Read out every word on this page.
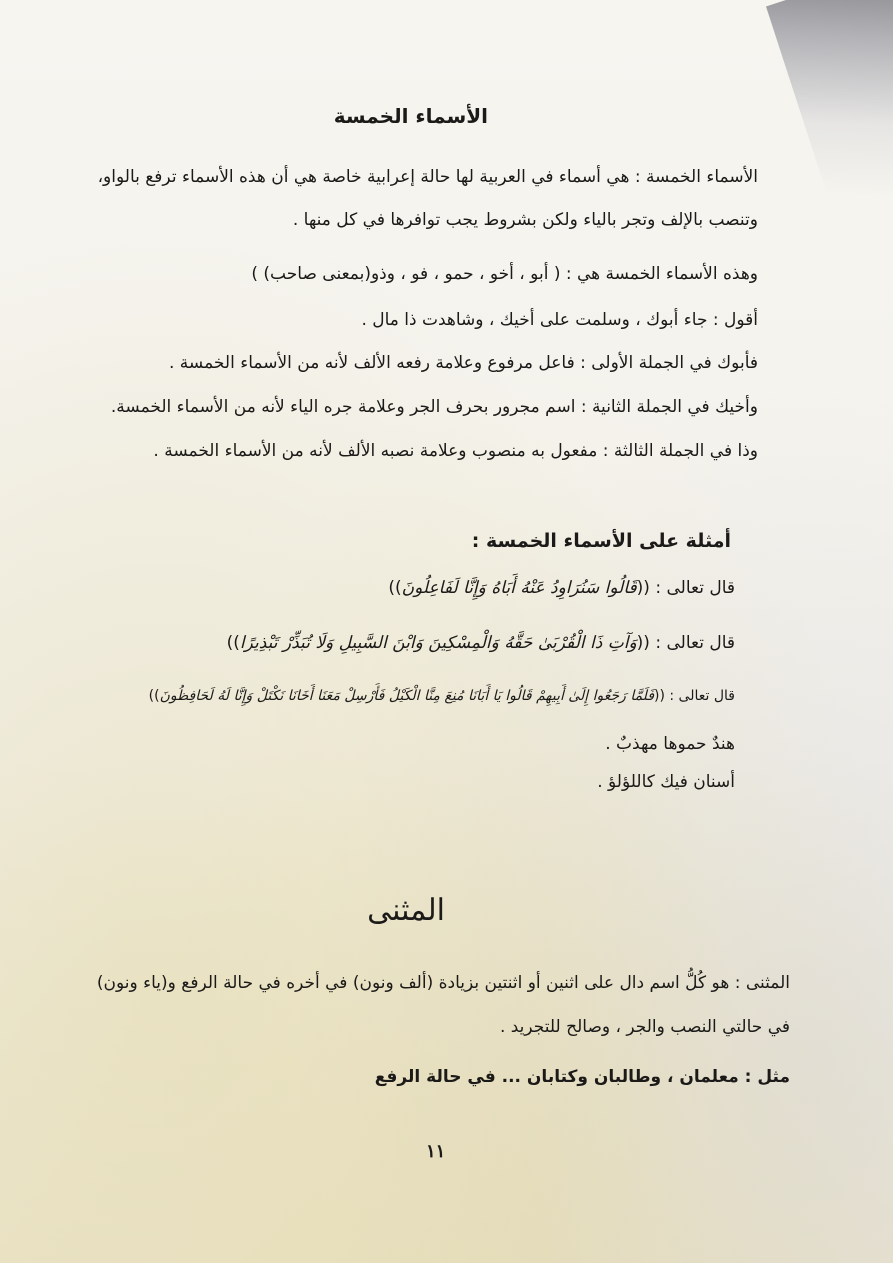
الأسماء الخمسة
الأسماء الخمسة : هي أسماء في العربية لها حالة إعرابية خاصة هي أن هذه الأسماء ترفع بالواو،
وتنصب بالإلف وتجر بالياء ولكن بشروط يجب توافرها في كل منها .
وهذه الأسماء الخمسة هي : ( أبو ، أخو ، حمو ، فو ، وذو(بمعنى صاحب) )
أقول : جاء أبوك ، وسلمت على أخيك ، وشاهدت ذا مال .
فأبوك في الجملة الأولى : فاعل مرفوع وعلامة رفعه الألف لأنه من الأسماء الخمسة .
وأخيك في الجملة الثانية : اسم مجرور بحرف الجر وعلامة جره الياء لأنه من الأسماء الخمسة.
وذا في الجملة الثالثة : مفعول به منصوب وعلامة نصبه الألف لأنه من الأسماء الخمسة .
أمثلة على الأسماء الخمسة :
قال تعالى : ((قَالُوا سَنُرَاوِدُ عَنْهُ أَبَاهُ وَإِنَّا لَفَاعِلُونَ))
قال تعالى : ((وَآتِ ذَا الْقُرْبَىٰ حَقَّهُ وَالْمِسْكِينَ وَابْنَ السَّبِيلِ وَلَا تُبَذِّرْ تَبْذِيرًا))
قال تعالى : ((فَلَمَّا رَجَعُوا إِلَىٰ أَبِيهِمْ قَالُوا يَا أَبَانَا مُنِعَ مِنَّا الْكَيْلُ فَأَرْسِلْ مَعَنَا أَخَانَا نَكْتَلْ وَإِنَّا لَهُ لَحَافِظُونَ))
هندٌ حموها مهذبٌ .
أسنان فيك كاللؤلؤ .
المثنى
المثنى : هو كُلُّ اسم دال على اثنين أو اثنتين بزيادة (ألف ونون) في أخره في حالة الرفع و(ياء ونون)
في حالتي النصب والجر ، وصالح للتجريد .
مثل : معلمان ، وطالبان وكتابان ... في حالة الرفع
١١
